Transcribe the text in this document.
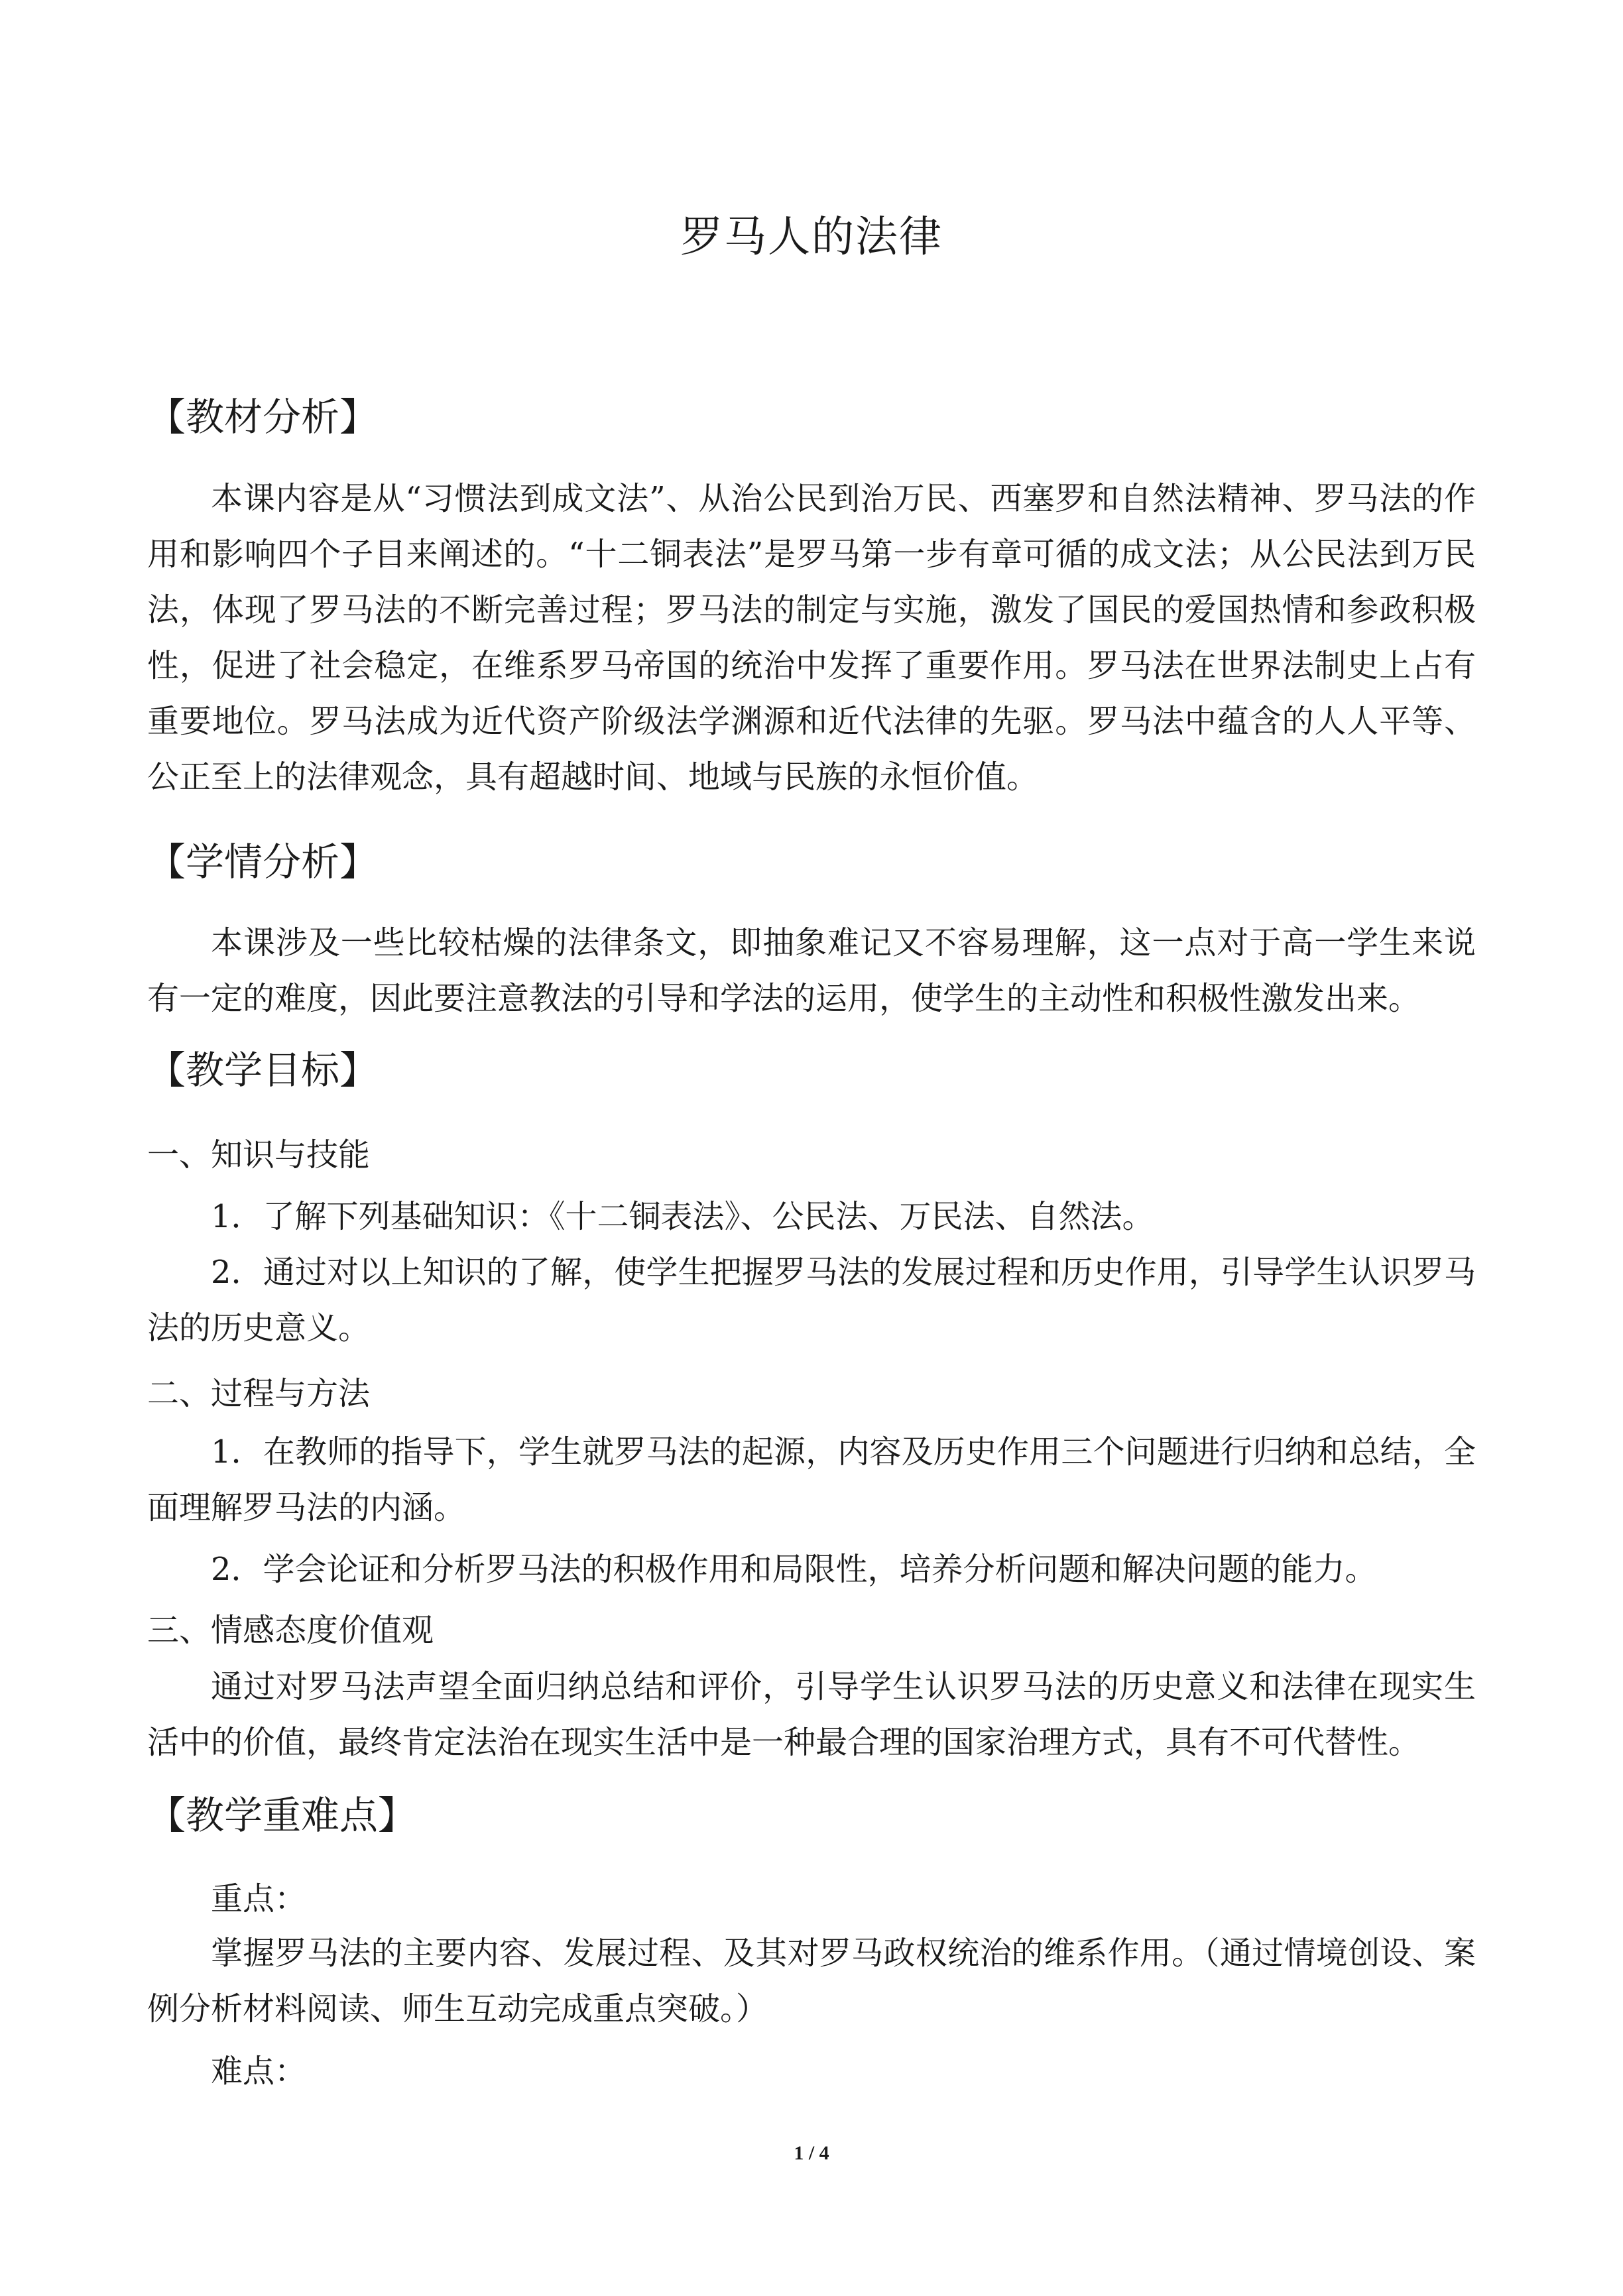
罗马人的法律
【教材分析】

本课内容是从“习惯法到成文法”、从治公民到治万民、西塞罗和自然法精神、罗马法的作用和影响四个子目来阐述的。“十二铜表法”是罗马第一步有章可循的成文法；从公民法到万民法，体现了罗马法的不断完善过程；罗马法的制定与实施，激发了国民的爱国热情和参政积极性，促进了社会稳定，在维系罗马帝国的统治中发挥了重要作用。罗马法在世界法制史上占有重要地位。罗马法成为近代资产阶级法学渊源和近代法律的先驱。罗马法中蕴含的人人平等、公正至上的法律观念，具有超越时间、地域与民族的永恒价值。

【学情分析】

本课涉及一些比较枯燥的法律条文，即抽象难记又不容易理解，这一点对于高一学生来说有一定的难度，因此要注意教法的引导和学法的运用，使学生的主动性和积极性激发出来。

【教学目标】
一、知识与技能
1．了解下列基础知识：《十二铜表法》、公民法、万民法、自然法。

2．通过对以上知识的了解，使学生把握罗马法的发展过程和历史作用，引导学生认识罗马法的历史意义。

二、过程与方法

1．在教师的指导下，学生就罗马法的起源，内容及历史作用三个问题进行归纳和总结，全面理解罗马法的内涵。

2．学会论证和分析罗马法的积极作用和局限性，培养分析问题和解决问题的能力。
三、情感态度价值观

通过对罗马法声望全面归纳总结和评价，引导学生认识罗马法的历史意义和法律在现实生活中的价值，最终肯定法治在现实生活中是一种最合理的国家治理方式，具有不可代替性。

【教学重难点】
重点：

掌握罗马法的主要内容、发展过程、及其对罗马政权统治的维系作用。（通过情境创设、案例分析材料阅读、师生互动完成重点突破。）

难点：
1 / 4
